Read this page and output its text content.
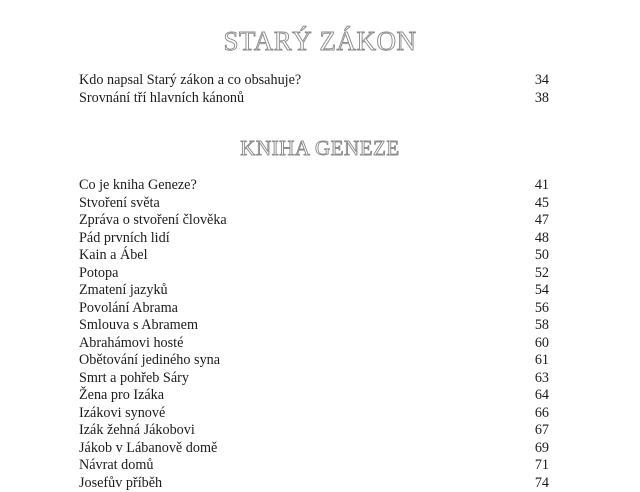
STARÝ ZÁKON
Kdo napsal Starý zákon a co obsahuje?	34
Srovnání tří hlavních kánonů	38
KNIHA GENEZE
Co je kniha Geneze?	41
Stvoření světa	45
Zpráva o stvoření člověka	47
Pád prvních lidí	48
Kain a Ábel	50
Potopa	52
Zmatení jazyků	54
Povolání Abrama	56
Smlouva s Abramem	58
Abrahámovi hosté	60
Obětování jediného syna	61
Smrt a pohřeb Sáry	63
Žena pro Izáka	64
Izákovi synové	66
Izák žehná Jákobovi	67
Jákob v Lábanově domě	69
Návrat domů	71
Josefův příběh	74
